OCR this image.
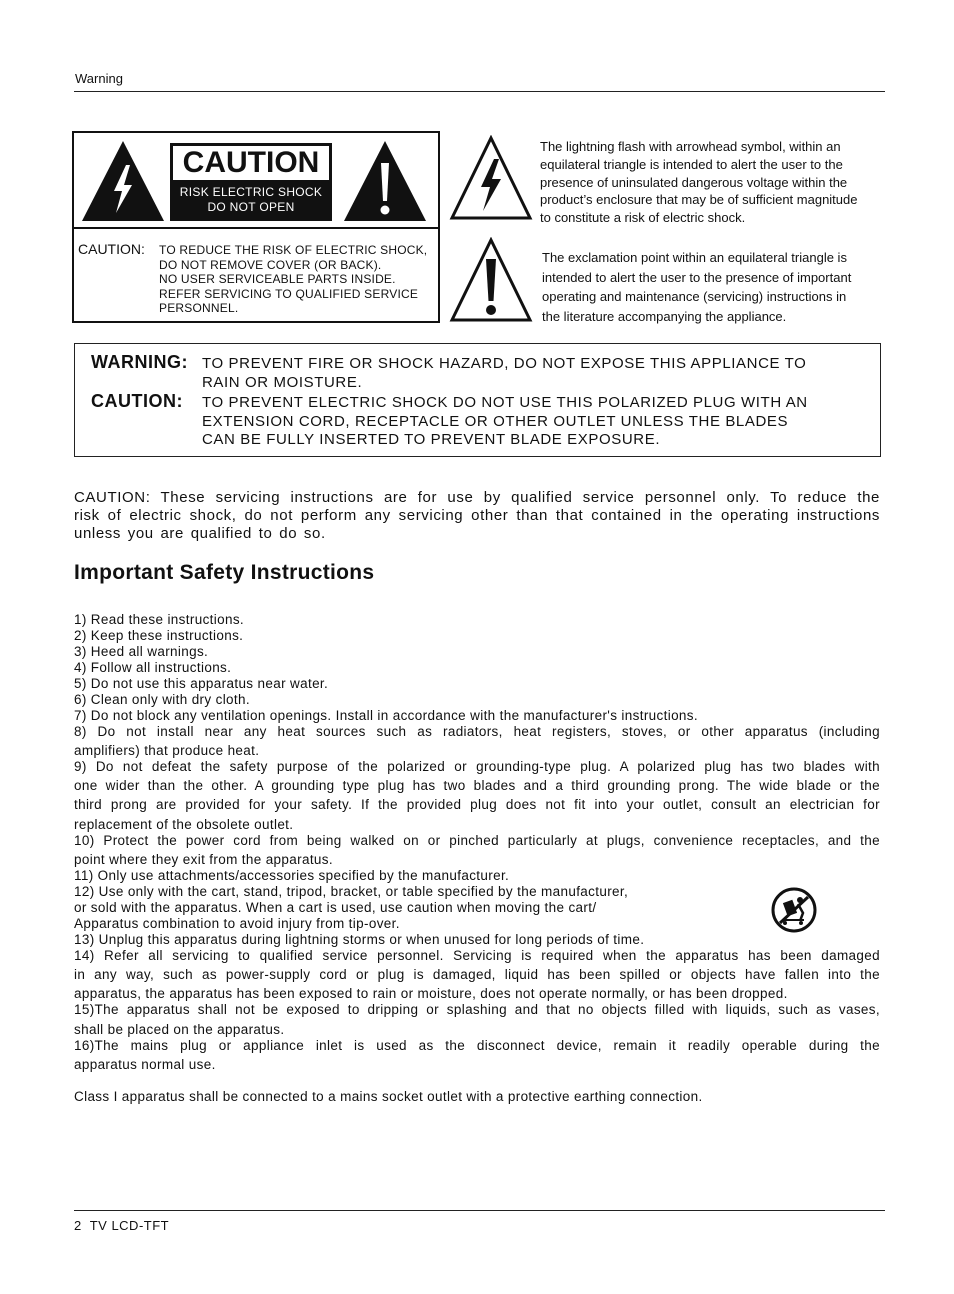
Warning
CAUTION
RISK ELECTRIC SHOCK
DO NOT OPEN
CAUTION: TO REDUCE THE RISK OF ELECTRIC SHOCK,
DO NOT REMOVE COVER (OR BACK).
NO USER SERVICEABLE PARTS INSIDE.
REFER SERVICING TO QUALIFIED SERVICE
PERSONNEL.
The lightning flash with arrowhead symbol, within an
equilateral triangle is intended to alert the user to the
presence of uninsulated dangerous voltage within the
product’s enclosure that may be of sufficient magnitude
to constitute a risk of electric shock.
The exclamation point within an equilateral triangle is
intended to alert the user to the presence of important
operating and maintenance (servicing) instructions in
the literature accompanying the appliance.
WARNING: TO PREVENT FIRE OR SHOCK HAZARD, DO NOT EXPOSE THIS APPLIANCE TO
RAIN OR MOISTURE.
CAUTION: TO PREVENT ELECTRIC SHOCK DO NOT USE THIS POLARIZED PLUG WITH AN
EXTENSION CORD, RECEPTACLE OR OTHER OUTLET UNLESS THE BLADES
CAN BE FULLY INSERTED TO PREVENT BLADE EXPOSURE.
CAUTION: These servicing instructions are for use by qualified service personnel only. To reduce the
risk of electric shock, do not perform any servicing other than that contained in the operating instructions
unless you are qualified to do so.
Important Safety Instructions
1) Read these instructions.
2) Keep these instructions.
3) Heed all warnings.
4) Follow all instructions.
5) Do not use this apparatus near water.
6) Clean only with dry cloth.
7) Do not block any ventilation openings. Install in accordance with the manufacturer's instructions.
8) Do not install near any heat sources such as radiators, heat registers, stoves, or other apparatus (including
amplifiers) that produce heat.
9) Do not defeat the safety purpose of the polarized or grounding-type plug. A polarized plug has two blades with
one wider than the other. A grounding type plug has two blades and a third grounding prong. The wide blade or the
third prong are provided for your safety. If the provided plug does not fit into your outlet, consult an electrician for
replacement of the obsolete outlet.
10) Protect the power cord from being walked on or pinched particularly at plugs, convenience receptacles, and the
point where they exit from the apparatus.
11) Only use attachments/accessories specified by the manufacturer.
12) Use only with the cart, stand, tripod, bracket, or table specified by the manufacturer,
or sold with the apparatus. When a cart is used, use caution when moving the cart/
Apparatus combination to avoid injury from tip-over.
13) Unplug this apparatus during lightning storms or when unused for long periods of time.
14) Refer all servicing to qualified service personnel. Servicing is required when the apparatus has been damaged
in any way, such as power-supply cord or plug is damaged, liquid has been spilled or objects have fallen into the
apparatus, the apparatus has been exposed to rain or moisture, does not operate normally, or has been dropped.
15)The apparatus shall not be exposed to dripping or splashing and that no objects filled with liquids, such as vases,
shall be placed on the apparatus.
16)The mains plug or appliance inlet is used as the disconnect device, remain it readily operable during the
apparatus normal use.
Class I apparatus shall be connected to a mains socket outlet with a protective earthing connection.
2  TV LCD-TFT
